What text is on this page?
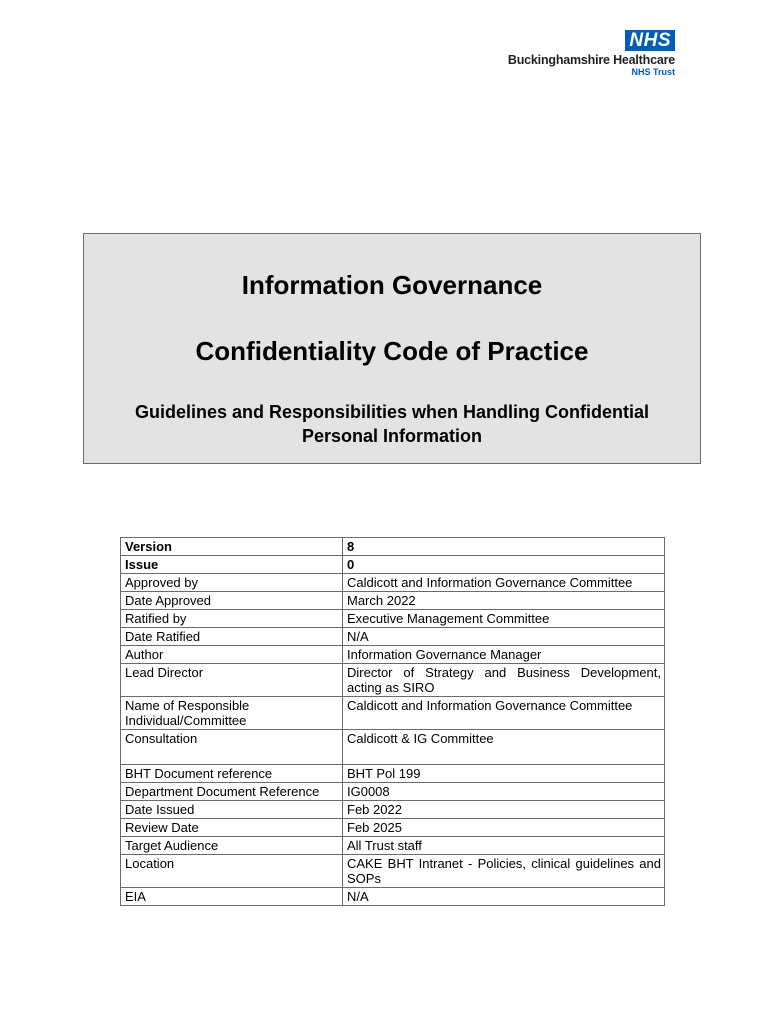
NHS
Buckinghamshire Healthcare
NHS Trust
Information Governance
Confidentiality Code of Practice
Guidelines and Responsibilities when Handling Confidential Personal Information
Version	8
Issue	0
Approved by	Caldicott and Information Governance Committee
Date Approved	March 2022
Ratified by	Executive Management Committee
Date Ratified	N/A
Author	Information Governance Manager
Lead Director	Director of Strategy and Business Development, acting as SIRO
Name of Responsible Individual/Committee	Caldicott and Information Governance Committee
Consultation	Caldicott & IG Committee
BHT Document reference	BHT Pol 199
Department Document Reference	IG0008
Date Issued	Feb 2022
Review Date	Feb 2025
Target Audience	All Trust staff
Location	CAKE BHT Intranet - Policies, clinical guidelines and SOPs
EIA	N/A
